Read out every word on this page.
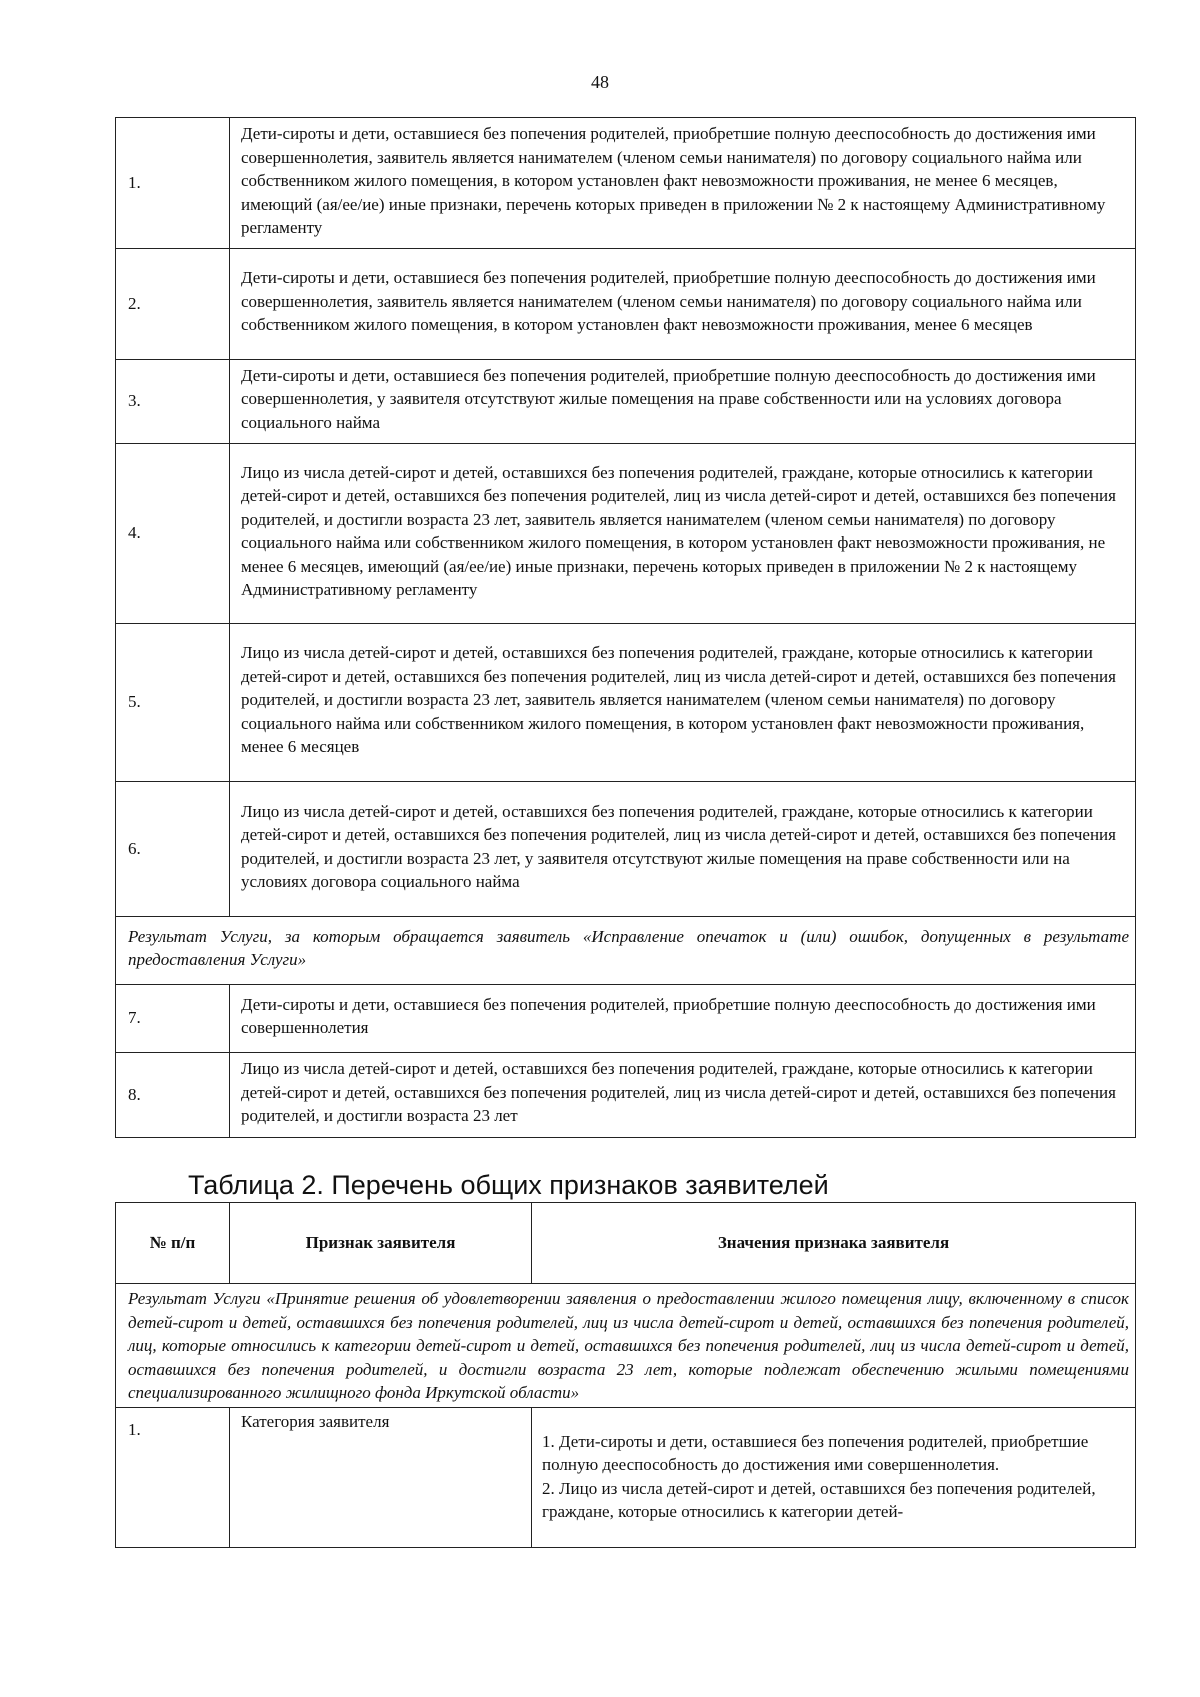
48
1.	Дети-сироты и дети, оставшиеся без попечения родителей, приобретшие полную дееспособность до достижения ими совершеннолетия, заявитель является нанимателем (членом семьи нанимателя) по договору социального найма или собственником жилого помещения, в котором установлен факт невозможности проживания, не менее 6 месяцев, имеющий (ая/ее/ие) иные признаки, перечень которых приведен в приложении № 2 к настоящему Административному регламенту
2.	Дети-сироты и дети, оставшиеся без попечения родителей, приобретшие полную дееспособность до достижения ими совершеннолетия, заявитель является нанимателем (членом семьи нанимателя) по договору социального найма или собственником жилого помещения, в котором установлен факт невозможности проживания, менее 6 месяцев
3.	Дети-сироты и дети, оставшиеся без попечения родителей, приобретшие полную дееспособность до достижения ими совершеннолетия, у заявителя отсутствуют жилые помещения на праве собственности или на условиях договора социального найма
4.	Лицо из числа детей-сирот и детей, оставшихся без попечения родителей, граждане, которые относились к категории детей-сирот и детей, оставшихся без попечения родителей, лиц из числа детей-сирот и детей, оставшихся без попечения родителей, и достигли возраста 23 лет, заявитель является нанимателем (членом семьи нанимателя) по договору социального найма или собственником жилого помещения, в котором установлен факт невозможности проживания, не менее 6 месяцев, имеющий (ая/ее/ие) иные признаки, перечень которых приведен в приложении № 2 к настоящему Административному регламенту
5.	Лицо из числа детей-сирот и детей, оставшихся без попечения родителей, граждане, которые относились к категории детей-сирот и детей, оставшихся без попечения родителей, лиц из числа детей-сирот и детей, оставшихся без попечения родителей, и достигли возраста 23 лет, заявитель является нанимателем (членом семьи нанимателя) по договору социального найма или собственником жилого помещения, в котором установлен факт невозможности проживания, менее 6 месяцев
6.	Лицо из числа детей-сирот и детей, оставшихся без попечения родителей, граждане, которые относились к категории детей-сирот и детей, оставшихся без попечения родителей, лиц из числа детей-сирот и детей, оставшихся без попечения родителей, и достигли возраста 23 лет, у заявителя отсутствуют жилые помещения на праве собственности или на условиях договора социального найма
Результат Услуги, за которым обращается заявитель «Исправление опечаток и (или) ошибок, допущенных в результате предоставления Услуги»	
7.	Дети-сироты и дети, оставшиеся без попечения родителей, приобретшие полную дееспособность до достижения ими совершеннолетия
8.	Лицо из числа детей-сирот и детей, оставшихся без попечения родителей, граждане, которые относились к категории детей-сирот и детей, оставшихся без попечения родителей, лиц из числа детей-сирот и детей, оставшихся без попечения родителей, и достигли возраста 23 лет
Таблица 2. Перечень общих признаков заявителей
№ п/п	Признак заявителя	Значения признака заявителя
Результат Услуги «Принятие решения об удовлетворении заявления о предоставлении жилого помещения лицу, включенному в список детей-сирот и детей, оставшихся без попечения родителей, лиц из числа детей-сирот и детей, оставшихся без попечения родителей, лиц, которые относились к категории детей-сирот и детей, оставшихся без попечения родителей, лиц из числа детей-сирот и детей, оставшихся без попечения родителей, и достигли возраста 23 лет, которые подлежат обеспечению жилыми помещениями специализированного жилищного фонда Иркутской области»		
1.	Категория заявителя	1. Дети-сироты и дети, оставшиеся без попечения родителей, приобретшие полную дееспособность до достижения ими совершеннолетия.
2. Лицо из числа детей-сирот и детей, оставшихся без попечения родителей, граждане, которые относились к категории детей-
